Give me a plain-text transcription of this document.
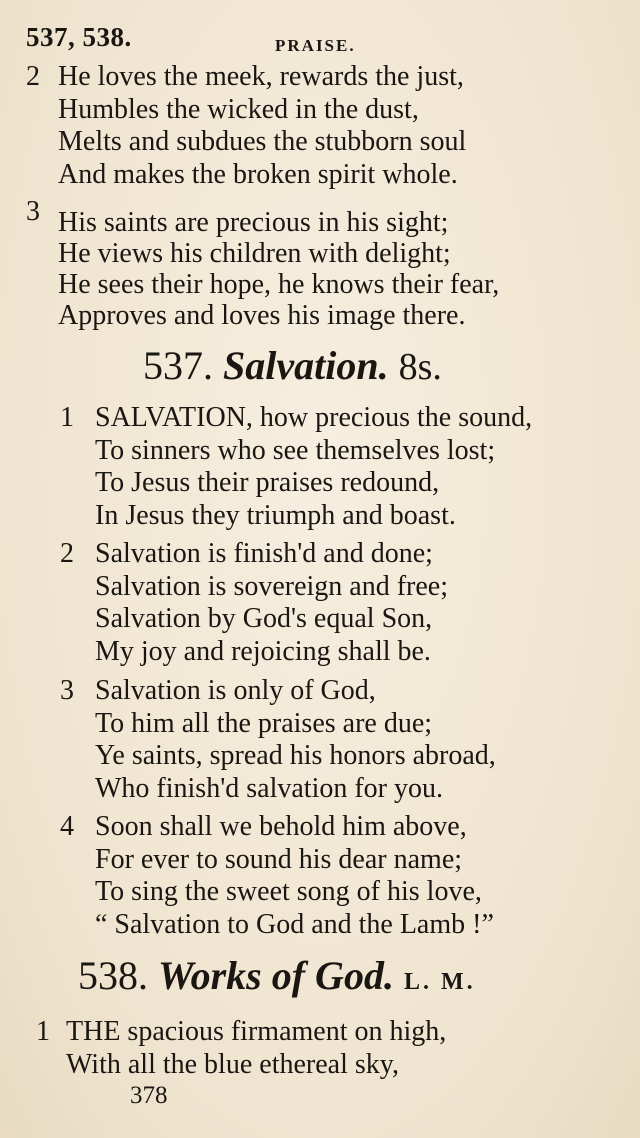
537, 538.	PRAISE.
2 He loves the meek, rewards the just,
Humbles the wicked in the dust,
Melts and subdues the stubborn soul
And makes the broken spirit whole.
3 His saints are precious in his sight;
He views his children with delight;
He sees their hope, he knows their fear,
Approves and loves his image there.
537. Salvation. 8s.
1 SALVATION, how precious the sound,
To sinners who see themselves lost;
To Jesus their praises redound,
In Jesus they triumph and boast.
2 Salvation is finish'd and done;
Salvation is sovereign and free;
Salvation by God's equal Son,
My joy and rejoicing shall be.
3 Salvation is only of God,
To him all the praises are due;
Ye saints, spread his honors abroad,
Who finish'd salvation for you.
4 Soon shall we behold him above,
For ever to sound his dear name;
To sing the sweet song of his love,
“ Salvation to God and the Lamb !”
538. Works of God. L. M.
1 THE spacious firmament on high,
With all the blue ethereal sky,
378
